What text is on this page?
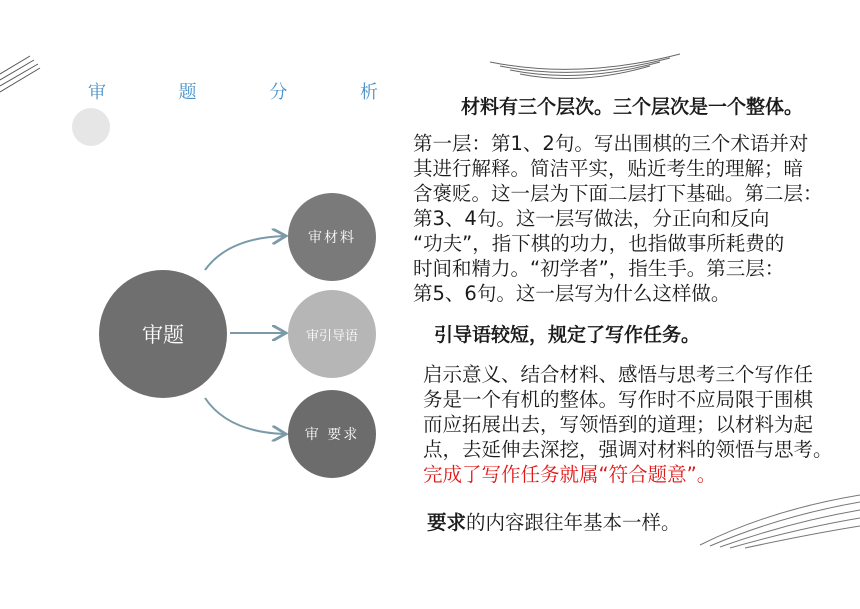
审	题	分	析
审题
审材料
审引导语
审 要求
材料有三个层次。三个层次是一个整体。
第一层：第1、2句。写出围棋的三个术语并对
其进行解释。简洁平实，贴近考生的理解；暗
含褒贬。这一层为下面二层打下基础。第二层：
第3、4句。这一层写做法，分正向和反向
“功夫”，指下棋的功力，也指做事所耗费的
时间和精力。“初学者”，指生手。第三层：
第5、6句。这一层写为什么这样做。
引导语较短，规定了写作任务。
启示意义、结合材料、感悟与思考三个写作任
务是一个有机的整体。写作时不应局限于围棋
而应拓展出去，写领悟到的道理；以材料为起
点，去延伸去深挖，强调对材料的领悟与思考。
完成了写作任务就属“符合题意”。
要求的内容跟往年基本一样。
